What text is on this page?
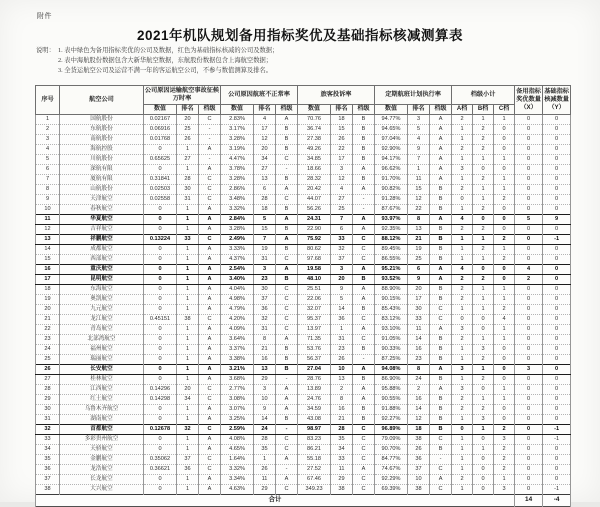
附件
2021年机队规划备用指标奖优及基础指标核减测算表
说明： 1. 表中绿色为备用指标奖优的公司及数据，红色为基础指标核减的公司及数据；
2. 表中海航股份数据包含大新华航空数据，东航股份数据包含上海航空数据；
3. 全货运航空公司及运营不满一年的客运航空公司，不参与数值测算及排名。
序号	航空公司	公司原因运输航空事故征候万时率			公司原因航班不正常率			旅客投诉率			定期航班计划执行率			档级小计			备用指标奖优数量（X）	基础指标核减数量（Y）
		数值	排名	档级	数值	排名	档级	数值	排名	档级	数值	排名	档级	A档	B档	C档		
1	国航股份	0.02167	20	C	2.83%	4	A	70.76	18	B	94.77%	3	A	2	1	1	0	0
2	东航股份	0.06916	25	-	3.17%	17	B	36.74	15	B	94.65%	5	A	1	2	0	0	0
3	南航股份	0.01768	26	-	3.28%	12	B	27.38	26	B	97.04%	4	A	1	2	0	0	0
4	海航控股	0	1	A	3.19%	20	B	49.26	22	B	92.90%	9	A	2	2	0	0	0
5	川航股份	0.65625	27	-	4.47%	34	C	34.85	17	B	94.17%	7	A	1	1	1	0	0
6	深航有限	0	1	A	3.78%	27	-	18.66	3	A	96.62%	1	A	3	0	0	0	0
7	厦航有限	0.31841	28	C	3.28%	13	B	28.32	12	B	91.70%	11	A	1	2	1	0	0
8	山航股份	0.02503	30	C	2.86%	6	A	20.42	4	A	90.82%	15	B	2	1	1	0	0
9	天津航空	0.02558	31	C	3.48%	28	C	44.07	27	-	91.28%	12	B	0	1	2	0	0
10	春秋航空	0	1	A	3.32%	18	B	56.26	25	-	87.67%	22	B	1	2	0	0	0
11	华夏航空	0	1	A	2.84%	5	A	24.31	7	A	93.97%	8	A	4	0	0	5	9
12	吉祥航空	0	1	A	3.28%	15	B	22.90	6	A	92.35%	13	B	2	2	0	0	0
13	祥鹏航空	0.13224	33	C	2.49%	7	A	75.92	33	C	88.12%	21	B	1	1	2	0	-1
14	成都航空	0	1	A	3.33%	19	B	80.62	32	C	89.45%	19	B	1	2	1	0	0
15	西部航空	0	1	A	4.37%	31	C	97.68	37	C	86.55%	25	B	1	1	2	0	0
16	重庆航空	0	1	A	2.54%	3	A	19.58	3	A	95.21%	6	A	4	0	0	4	0
17	昆明航空	0	1	A	3.40%	23	B	48.10	20	B	93.52%	9	A	2	2	0	2	0
18	东海航空	0	1	A	4.04%	30	C	25.51	9	A	88.90%	20	B	2	1	1	0	0
19	奥凯航空	0	1	A	4.98%	37	C	22.06	5	A	90.15%	17	B	2	1	1	0	0
20	九元航空	0	1	A	4.79%	36	C	32.07	14	B	85.43%	30	C	1	1	2	0	0
21	龙江航空	0.45151	38	C	4.20%	32	C	95.37	36	C	83.12%	33	C	0	0	4	0	0
22	青岛航空	0	1	A	4.09%	31	C	13.97	1	A	93.10%	11	A	3	0	1	0	0
23	北部湾航空	0	1	A	3.64%	8	A	71.35	31	C	91.05%	14	B	2	1	1	0	0
24	福州航空	0	1	A	3.37%	21	B	53.76	23	B	90.33%	16	B	1	3	0	0	0
25	瑞丽航空	0	1	A	3.38%	16	B	56.37	26	-	87.25%	23	B	1	2	0	0	0
26	长安航空	0	1	A	3.21%	13	B	27.04	10	A	94.08%	8	A	3	1	0	3	0
27	桂林航空	0	1	A	3.68%	29	-	28.76	13	B	86.90%	24	B	1	2	0	0	0
28	江西航空	0.14296	20	C	2.77%	3	A	13.89	2	A	95.88%	2	A	3	0	1	0	0
29	红土航空	0.14298	34	C	3.08%	10	A	24.76	8	A	90.55%	16	B	2	1	1	0	0
30	乌鲁木齐航空	0	1	A	3.07%	9	A	34.59	16	B	91.88%	14	B	2	2	0	0	0
31	湖南航空	0	1	A	3.25%	14	B	43.08	21	B	92.27%	12	B	1	3	0	0	0
32	首都航空	0.12678	32	C	2.59%	24	-	98.97	28	C	96.89%	18	B	0	1	2	0	-1
33	多彩贵州航空	0	1	A	4.08%	28	C	83.23	35	C	79.09%	38	C	1	0	3	0	-1
34	天骄航空	0	1	A	4.65%	35	C	86.21	34	C	90.70%	26	B	1	1	2	0	0
35	金鹏航空	0.35062	37	C	1.64%	1	A	55.18	33	C	84.77%	36	-	1	0	2	0	0
36	龙浩航空	0.36621	36	C	3.32%	26	-	27.52	11	A	74.67%	37	C	1	0	2	0	0
37	长龙航空	0	1	A	3.34%	11	A	67.46	29	C	92.29%	10	A	2	0	1	0	0
38	大兴航空	0	1	A	4.63%	29	C	349.23	38	C	69.39%	38	C	1	0	3	0	-1
合计																	14	-4
